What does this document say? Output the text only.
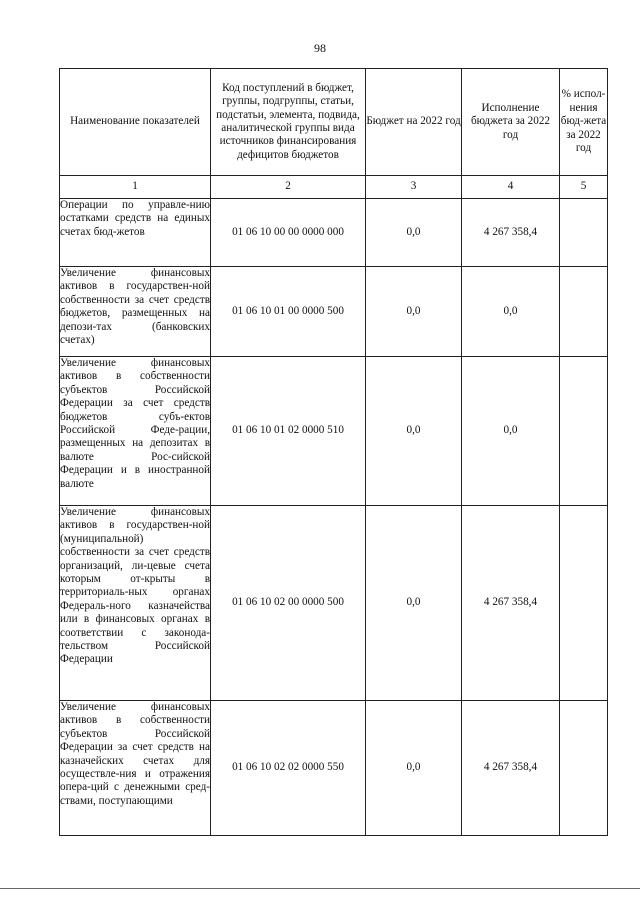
98
Наименование показателей	Код поступлений в бюджет, группы, подгруппы, статьи, подстатьи, элемента, подвида, аналитической группы вида источников финансирования дефицитов бюджетов	Бюджет на 2022 год	Исполнение бюджета за 2022 год	% испол-нения бюд-жета за 2022 год
1	2	3	4	5
Операции по управле-нию остатками средств на единых счетах бюд-жетов	01 06 10 00 00 0000 000	0,0	4 267 358,4	
Увеличение финансовых активов в государствен-ной собственности за счет средств бюджетов, размещенных на депози-тах (банковских счетах)	01 06 10 01 00 0000 500	0,0	0,0	
Увеличение финансовых активов в собственности субъектов Российской Федерации за счет средств бюджетов субъ-ектов Российской Феде-рации, размещенных на депозитах в валюте Рос-сийской Федерации и в иностранной валюте	01 06 10 01 02 0000 510	0,0	0,0	
Увеличение финансовых активов в государствен-ной (муниципальной) собственности за счет средств организаций, ли-цевые счета которым от-крыты в территориаль-ных органах Федераль-ного казначейства или в финансовых органах в соответствии с законода-тельством Российской Федерации	01 06 10 02 00 0000 500	0,0	4 267 358,4	
Увеличение финансовых активов в собственности субъектов Российской Федерации за счет средств на казначейских счетах для осуществле-ния и отражения опера-ций с денежными сред-ствами, поступающими	01 06 10 02 02 0000 550	0,0	4 267 358,4	
